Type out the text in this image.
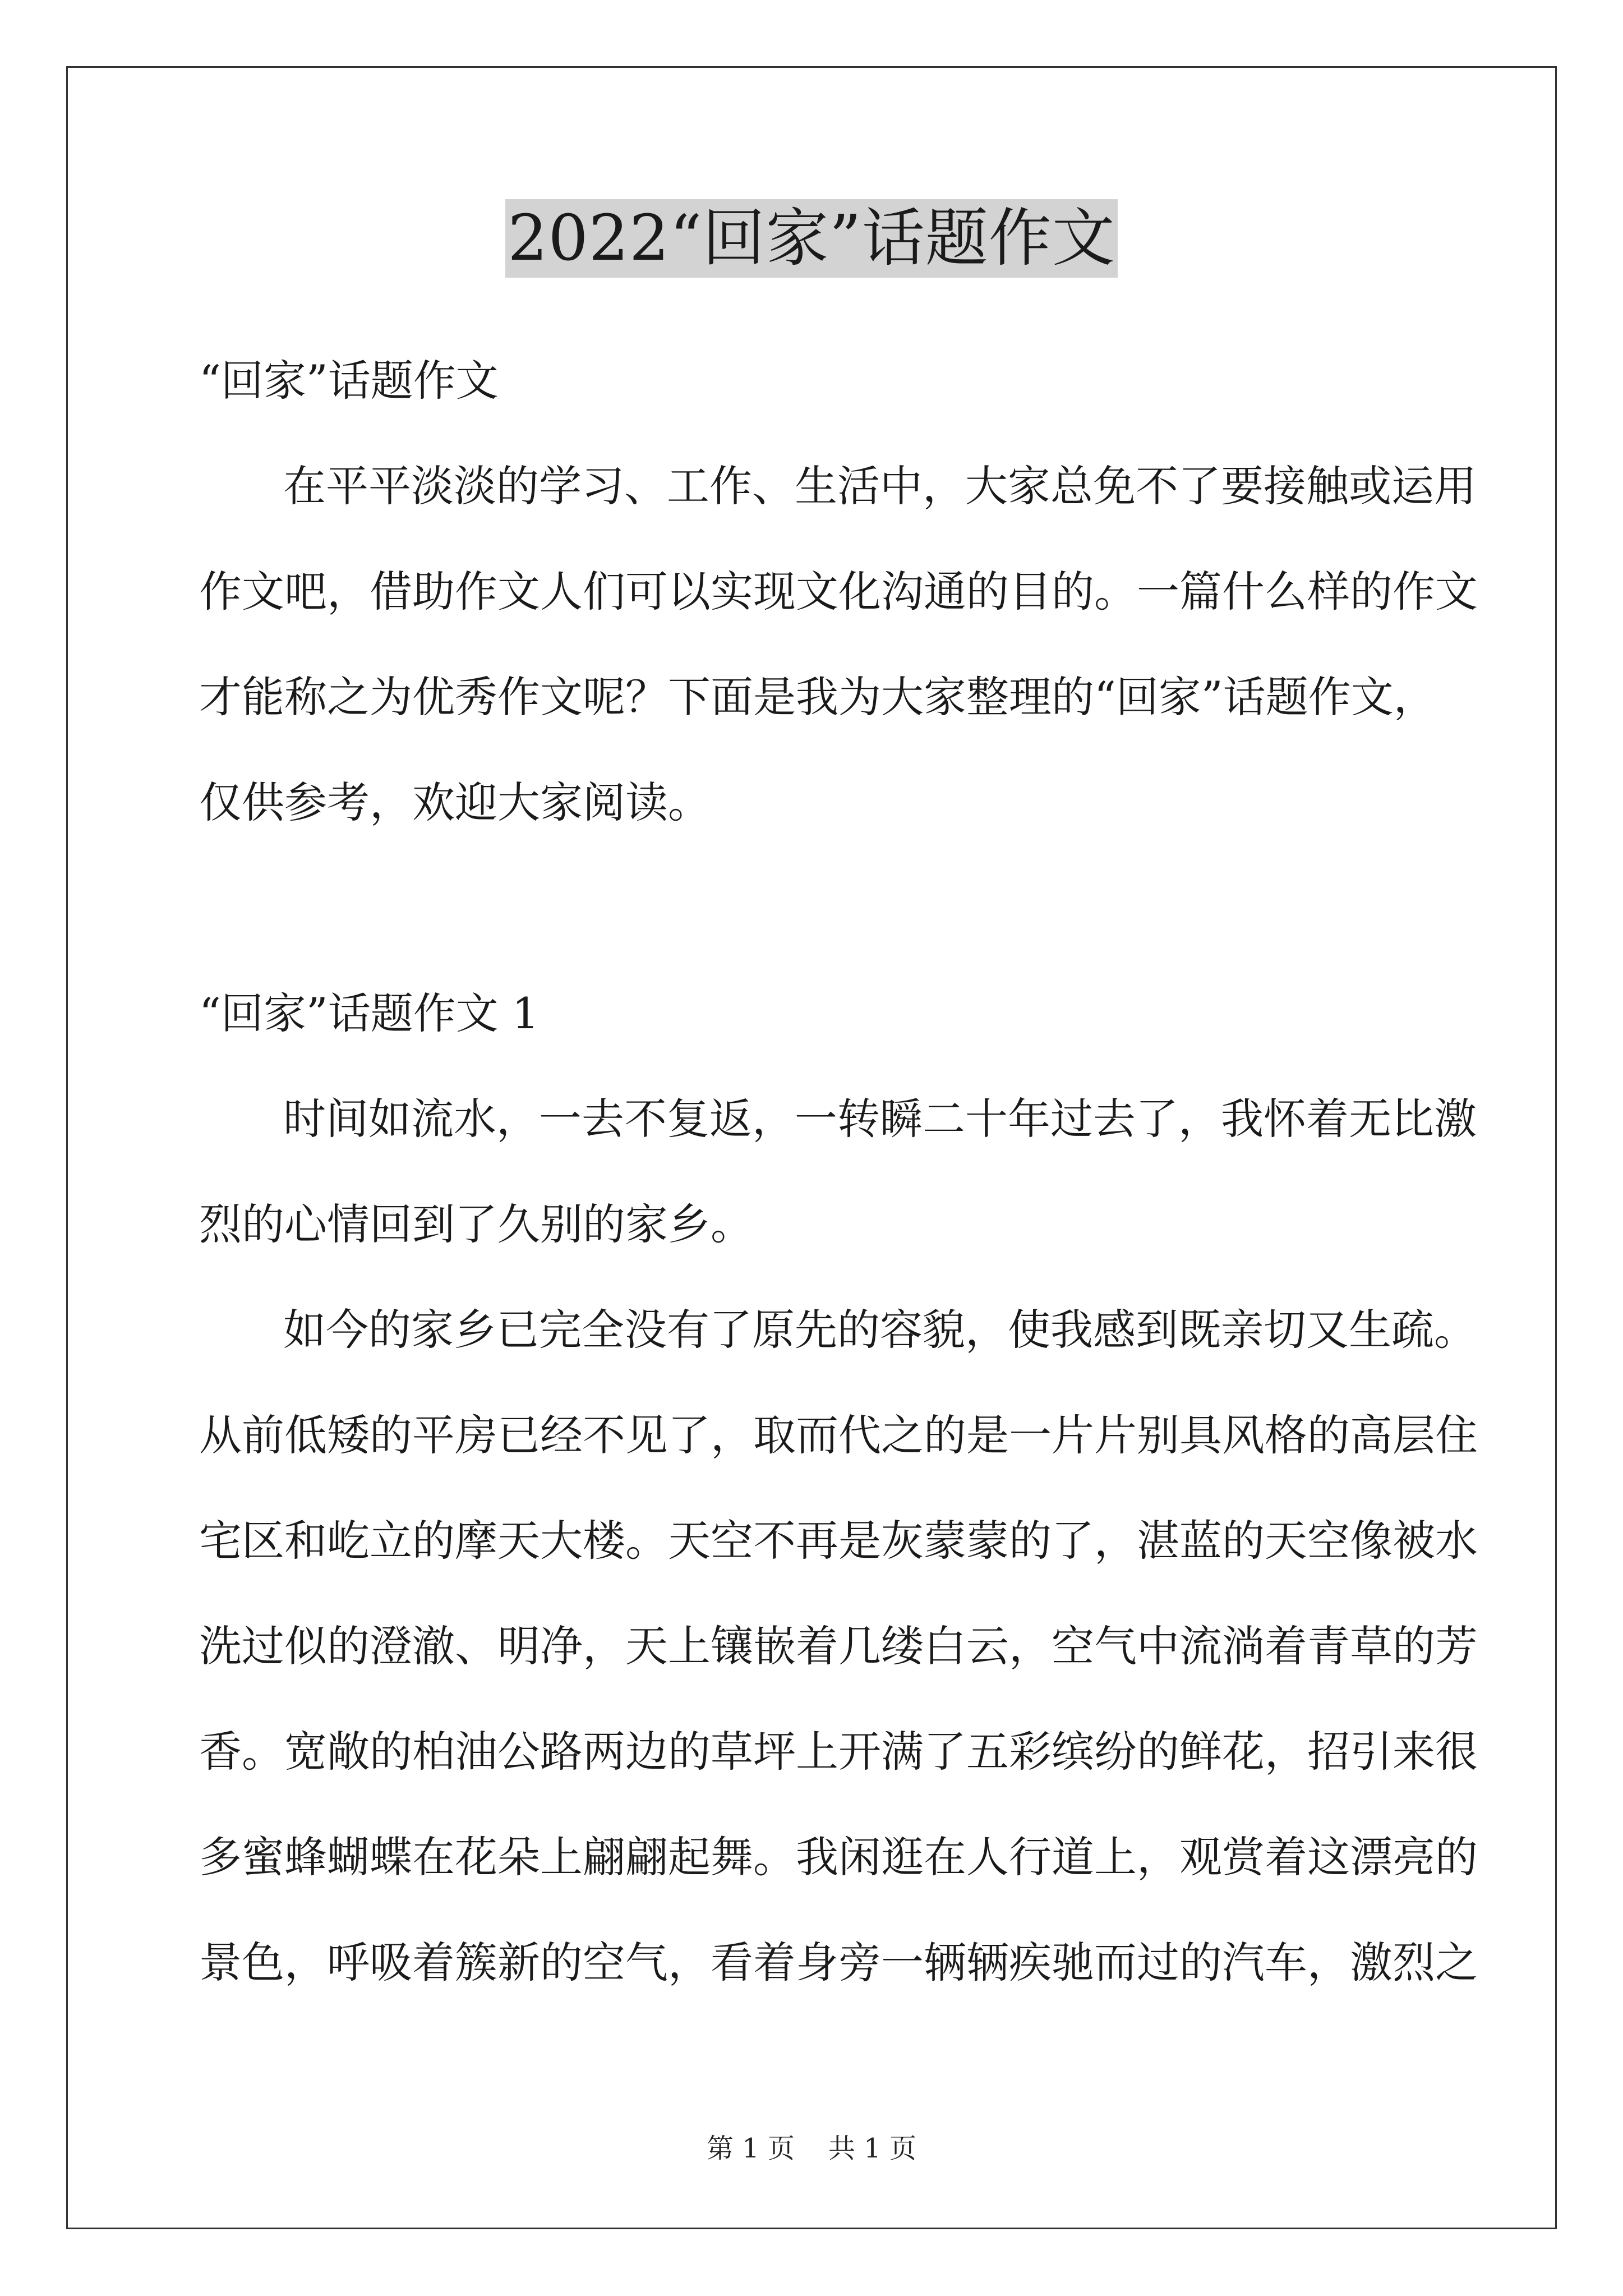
2022“回家”话题作文
“回家”话题作文
在平平淡淡的学习、工作、生活中，大家总免不了要接触或运用
作文吧，借助作文人们可以实现文化沟通的目的。一篇什么样的作文
才能称之为优秀作文呢？下面是我为大家整理的“回家”话题作文，
仅供参考，欢迎大家阅读。
“回家”话题作文 1
时间如流水，一去不复返，一转瞬二十年过去了，我怀着无比激
烈的心情回到了久别的家乡。
如今的家乡已完全没有了原先的容貌，使我感到既亲切又生疏。
从前低矮的平房已经不见了，取而代之的是一片片别具风格的高层住
宅区和屹立的摩天大楼。天空不再是灰蒙蒙的了，湛蓝的天空像被水
洗过似的澄澈、明净，天上镶嵌着几缕白云，空气中流淌着青草的芳
香。宽敞的柏油公路两边的草坪上开满了五彩缤纷的鲜花，招引来很
多蜜蜂蝴蝶在花朵上翩翩起舞。我闲逛在人行道上，观赏着这漂亮的
景色，呼吸着簇新的空气，看着身旁一辆辆疾驰而过的汽车，激烈之
第 1 页 共 1 页
